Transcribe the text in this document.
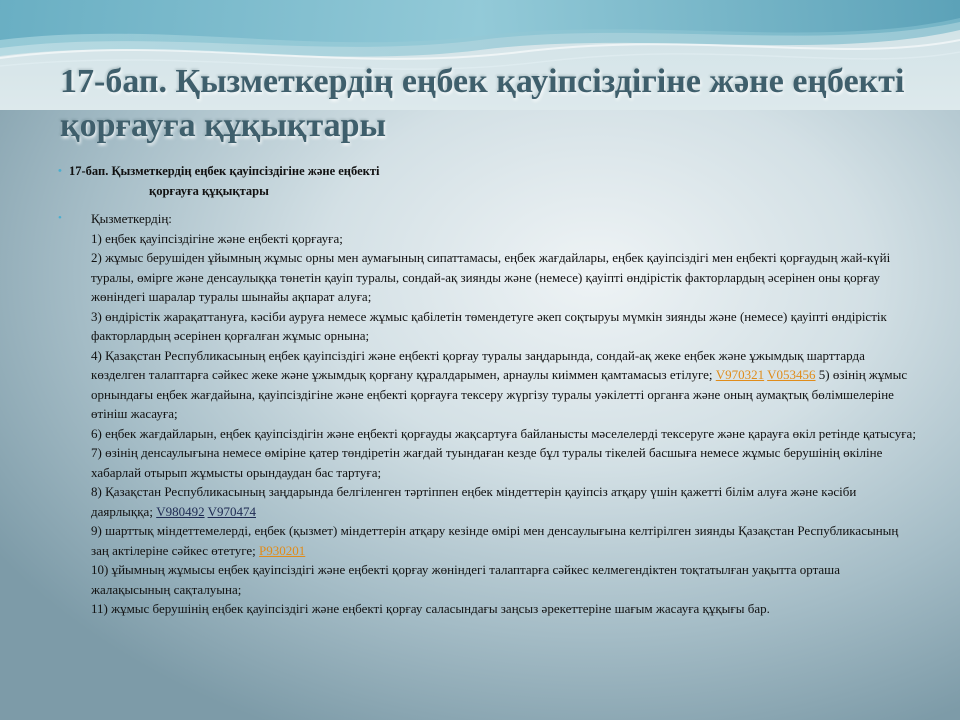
17-бап. Қызметкердің еңбек қауіпсіздігіне және еңбекті қорғауға құқықтары
• 17-бап. Қызметкердің еңбек қауіпсіздігіне және еңбекті
қорғауға құқықтары
•	Қызметкердің:

1) еңбек қауіпсіздігіне және еңбекті қорғауға;

2) жұмыс берушіден ұйымның жұмыс орны мен аумағының сипаттамасы, еңбек жағдайлары, еңбек қауіпсіздігі мен еңбекті қорғаудың жай-күйі туралы, өмірге және денсаулыққа төнетін қауіп туралы, сондай-ақ зиянды және (немесе) қауіпті өндірістік факторлардың әсерінен оны қорғау жөніндегі шаралар туралы шынайы ақпарат алуға;

3) өндірістік жарақаттануға, кәсіби ауруға немесе жұмыс қабілетін төмендетуге әкеп соқтыруы мүмкін зиянды және (немесе) қауіпті өндірістік факторлардың әсерінен қорғалған жұмыс орнына;

4) Қазақстан Республикасының еңбек қауіпсіздігі және еңбекті қорғау туралы заңдарында, сондай-ақ жеке еңбек және ұжымдық шарттарда көзделген талаптарға сәйкес жеке және ұжымдық қорғану құралдарымен, арнаулы киіммен қамтамасыз етілуге; V970321 V053456 5) өзінің жұмыс орнындағы еңбек жағдайына, қауіпсіздігіне және еңбекті қорғауға тексеру жүргізу туралы уәкілетті органға және оның аумақтық бөлімшелеріне өтініш жасауға;

6) еңбек жағдайларын, еңбек қауіпсіздігін және еңбекті қорғауды жақсартуға байланысты мәселелерді тексеруге және қарауға өкіл ретінде қатысуға;

7) өзінің денсаулығына немесе өміріне қатер төндіретін жағдай туындаған кезде бұл туралы тікелей басшыға немесе жұмыс берушінің өкіліне хабарлай отырып жұмысты орындаудан бас тартуға;

8) Қазақстан Республикасының заңдарында белгіленген тәртіппен еңбек міндеттерін қауіпсіз атқару үшін қажетті білім алуға және кәсіби даярлыққа; V980492 V970474

9) шарттық міндеттемелерді, еңбек (қызмет) міндеттерін атқару кезінде өмірі мен денсаулығына келтірілген зиянды Қазақстан Республикасының заң актілеріне сәйкес өтетуге; P930201

10) ұйымның жұмысы еңбек қауіпсіздігі және еңбекті қорғау жөніндегі талаптарға сәйкес келмегендіктен тоқтатылған уақытта орташа жалақысының сақталуына;

11) жұмыс берушінің еңбек қауіпсіздігі және еңбекті қорғау саласындағы заңсыз әрекеттеріне шағым жасауға құқығы бар.
